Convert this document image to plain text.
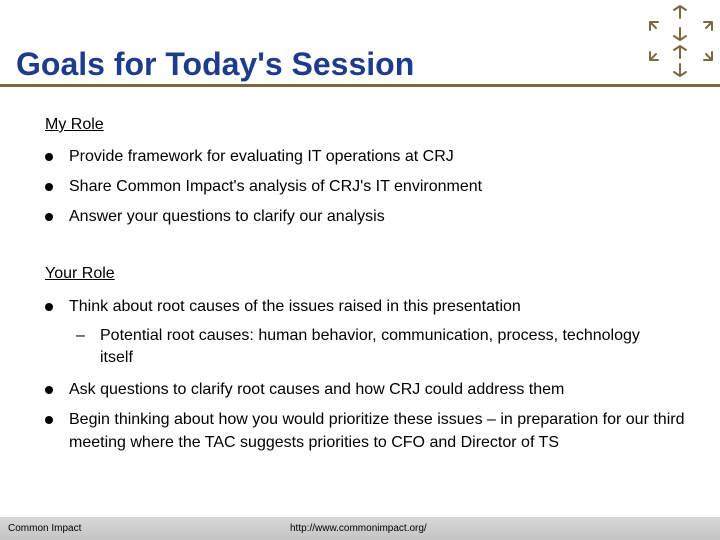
Goals for Today's Session
My Role
Provide framework for evaluating IT operations at CRJ
Share Common Impact's analysis of CRJ's IT environment
Answer your questions to clarify our analysis
Your Role
Think about root causes of the issues raised in this presentation
– Potential root causes: human behavior, communication, process, technology itself
Ask questions to clarify root causes and how CRJ could address them
Begin thinking about how you would prioritize these issues – in preparation for our third meeting where the TAC suggests priorities to CFO and Director of TS
Common Impact	http://www.commonimpact.org/
